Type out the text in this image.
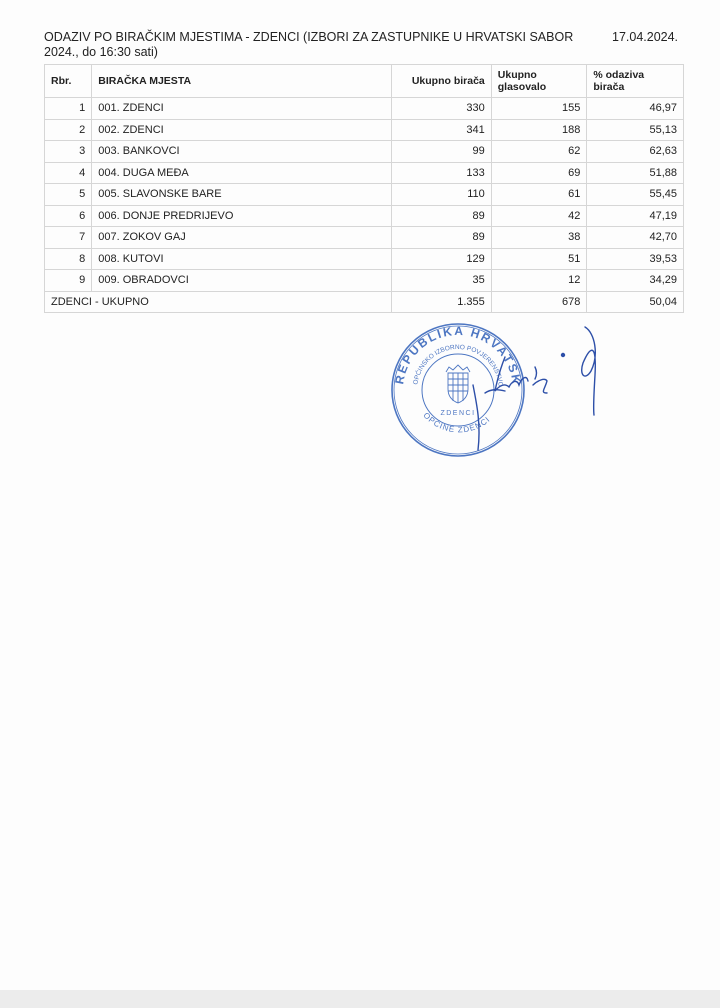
ODAZIV PO BIRAČKIM MJESTIMA - ZDENCI (IZBORI ZA ZASTUPNIKE U HRVATSKI SABOR 2024., do 16:30 sati)
17.04.2024.
Rbr.	BIRAČKA MJESTA	Ukupno birača	Ukupno glasovalo	% odaziva birača
1	001. ZDENCI	330	155	46,97
2	002. ZDENCI	341	188	55,13
3	003. BANKOVCI	99	62	62,63
4	004. DUGA MEĐA	133	69	51,88
5	005. SLAVONSKE BARE	110	61	55,45
6	006. DONJE PREDRIJEVO	89	42	47,19
7	007. ZOKOV GAJ	89	38	42,70
8	008. KUTOVI	129	51	39,53
9	009. OBRADOVCI	35	12	34,29
ZDENCI - UKUPNO		1.355	678	50,04
REPUBLIKA HRVATSK
OPĆINSKO IZBORNO POVJERENSTVO
ZDENCI
OPĆINE ZDENCI
